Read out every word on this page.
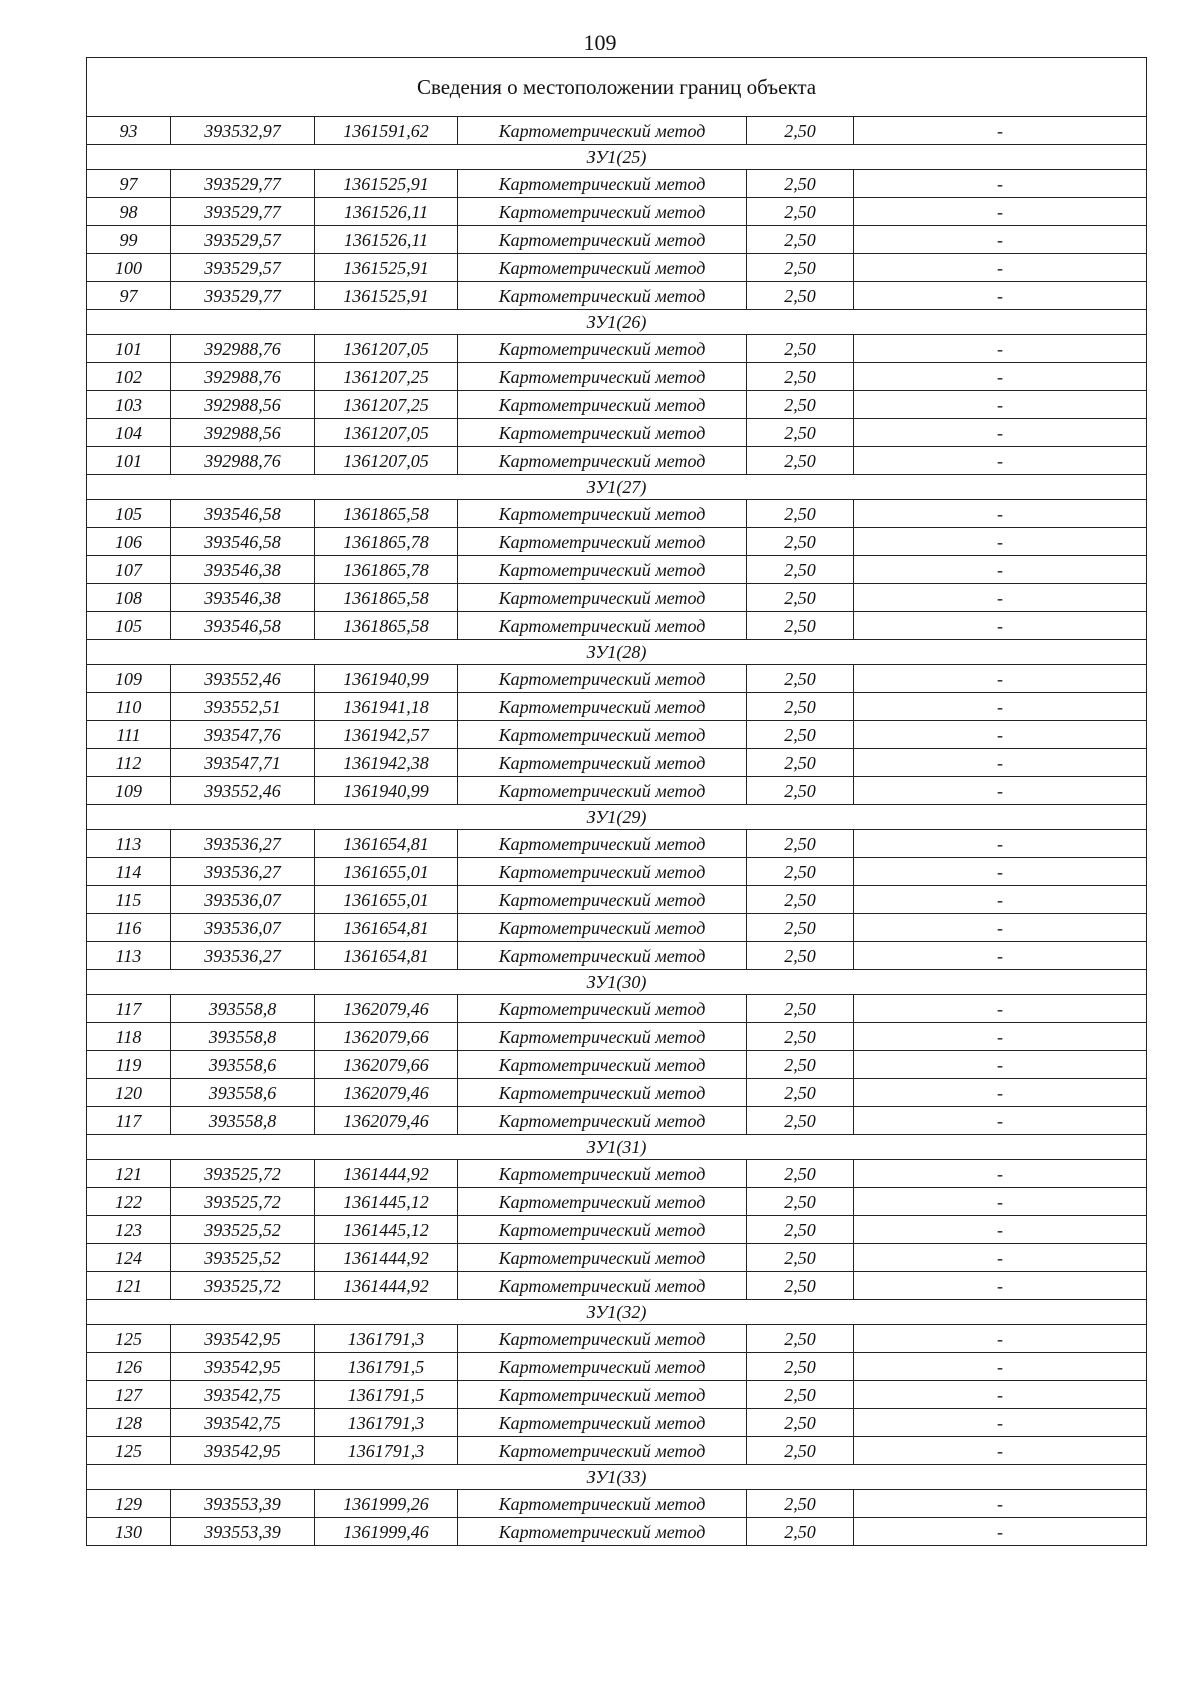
109
Сведения о местоположении границ объекта					
93	393532,97	1361591,62	Картометрический метод	2,50	-
ЗУ1(25)					
97	393529,77	1361525,91	Картометрический метод	2,50	-
98	393529,77	1361526,11	Картометрический метод	2,50	-
99	393529,57	1361526,11	Картометрический метод	2,50	-
100	393529,57	1361525,91	Картометрический метод	2,50	-
97	393529,77	1361525,91	Картометрический метод	2,50	-
ЗУ1(26)					
101	392988,76	1361207,05	Картометрический метод	2,50	-
102	392988,76	1361207,25	Картометрический метод	2,50	-
103	392988,56	1361207,25	Картометрический метод	2,50	-
104	392988,56	1361207,05	Картометрический метод	2,50	-
101	392988,76	1361207,05	Картометрический метод	2,50	-
ЗУ1(27)					
105	393546,58	1361865,58	Картометрический метод	2,50	-
106	393546,58	1361865,78	Картометрический метод	2,50	-
107	393546,38	1361865,78	Картометрический метод	2,50	-
108	393546,38	1361865,58	Картометрический метод	2,50	-
105	393546,58	1361865,58	Картометрический метод	2,50	-
ЗУ1(28)					
109	393552,46	1361940,99	Картометрический метод	2,50	-
110	393552,51	1361941,18	Картометрический метод	2,50	-
111	393547,76	1361942,57	Картометрический метод	2,50	-
112	393547,71	1361942,38	Картометрический метод	2,50	-
109	393552,46	1361940,99	Картометрический метод	2,50	-
ЗУ1(29)					
113	393536,27	1361654,81	Картометрический метод	2,50	-
114	393536,27	1361655,01	Картометрический метод	2,50	-
115	393536,07	1361655,01	Картометрический метод	2,50	-
116	393536,07	1361654,81	Картометрический метод	2,50	-
113	393536,27	1361654,81	Картометрический метод	2,50	-
ЗУ1(30)					
117	393558,8	1362079,46	Картометрический метод	2,50	-
118	393558,8	1362079,66	Картометрический метод	2,50	-
119	393558,6	1362079,66	Картометрический метод	2,50	-
120	393558,6	1362079,46	Картометрический метод	2,50	-
117	393558,8	1362079,46	Картометрический метод	2,50	-
ЗУ1(31)					
121	393525,72	1361444,92	Картометрический метод	2,50	-
122	393525,72	1361445,12	Картометрический метод	2,50	-
123	393525,52	1361445,12	Картометрический метод	2,50	-
124	393525,52	1361444,92	Картометрический метод	2,50	-
121	393525,72	1361444,92	Картометрический метод	2,50	-
ЗУ1(32)					
125	393542,95	1361791,3	Картометрический метод	2,50	-
126	393542,95	1361791,5	Картометрический метод	2,50	-
127	393542,75	1361791,5	Картометрический метод	2,50	-
128	393542,75	1361791,3	Картометрический метод	2,50	-
125	393542,95	1361791,3	Картометрический метод	2,50	-
ЗУ1(33)					
129	393553,39	1361999,26	Картометрический метод	2,50	-
130	393553,39	1361999,46	Картометрический метод	2,50	-
